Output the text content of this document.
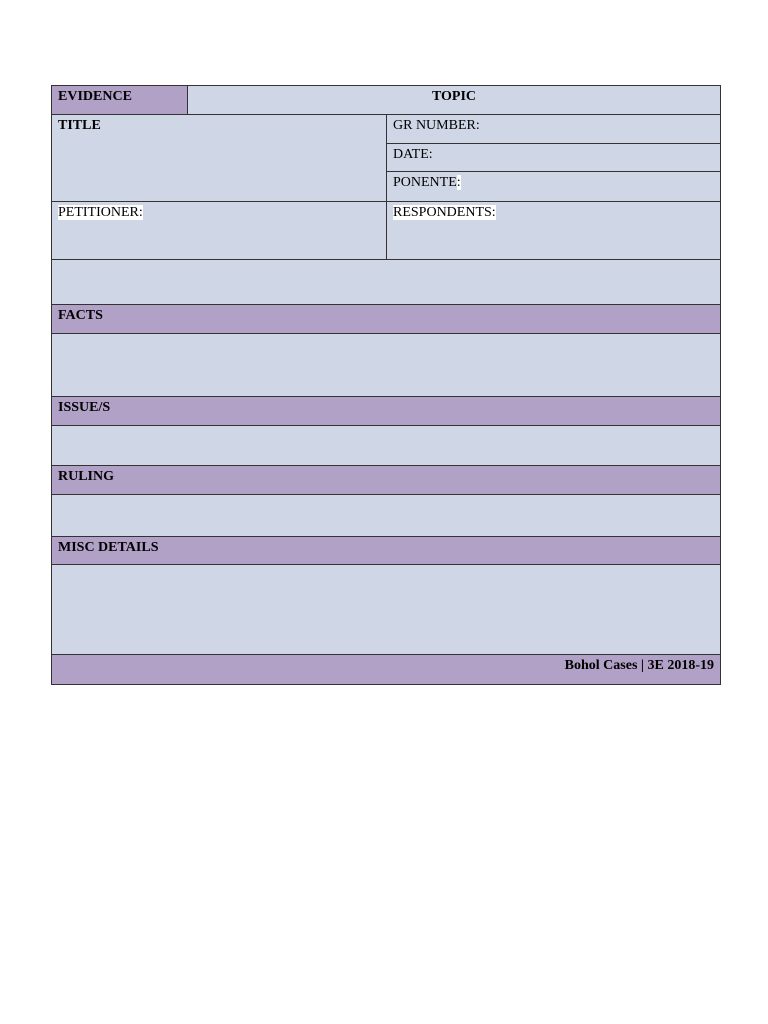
EVIDENCE	TOPIC
TITLE	GR NUMBER:
DATE:
PONENTE:
PETITIONER:	RESPONDENTS:
FACTS
ISSUE/S
RULING
MISC DETAILS
Bohol Cases | 3E 2018-19
